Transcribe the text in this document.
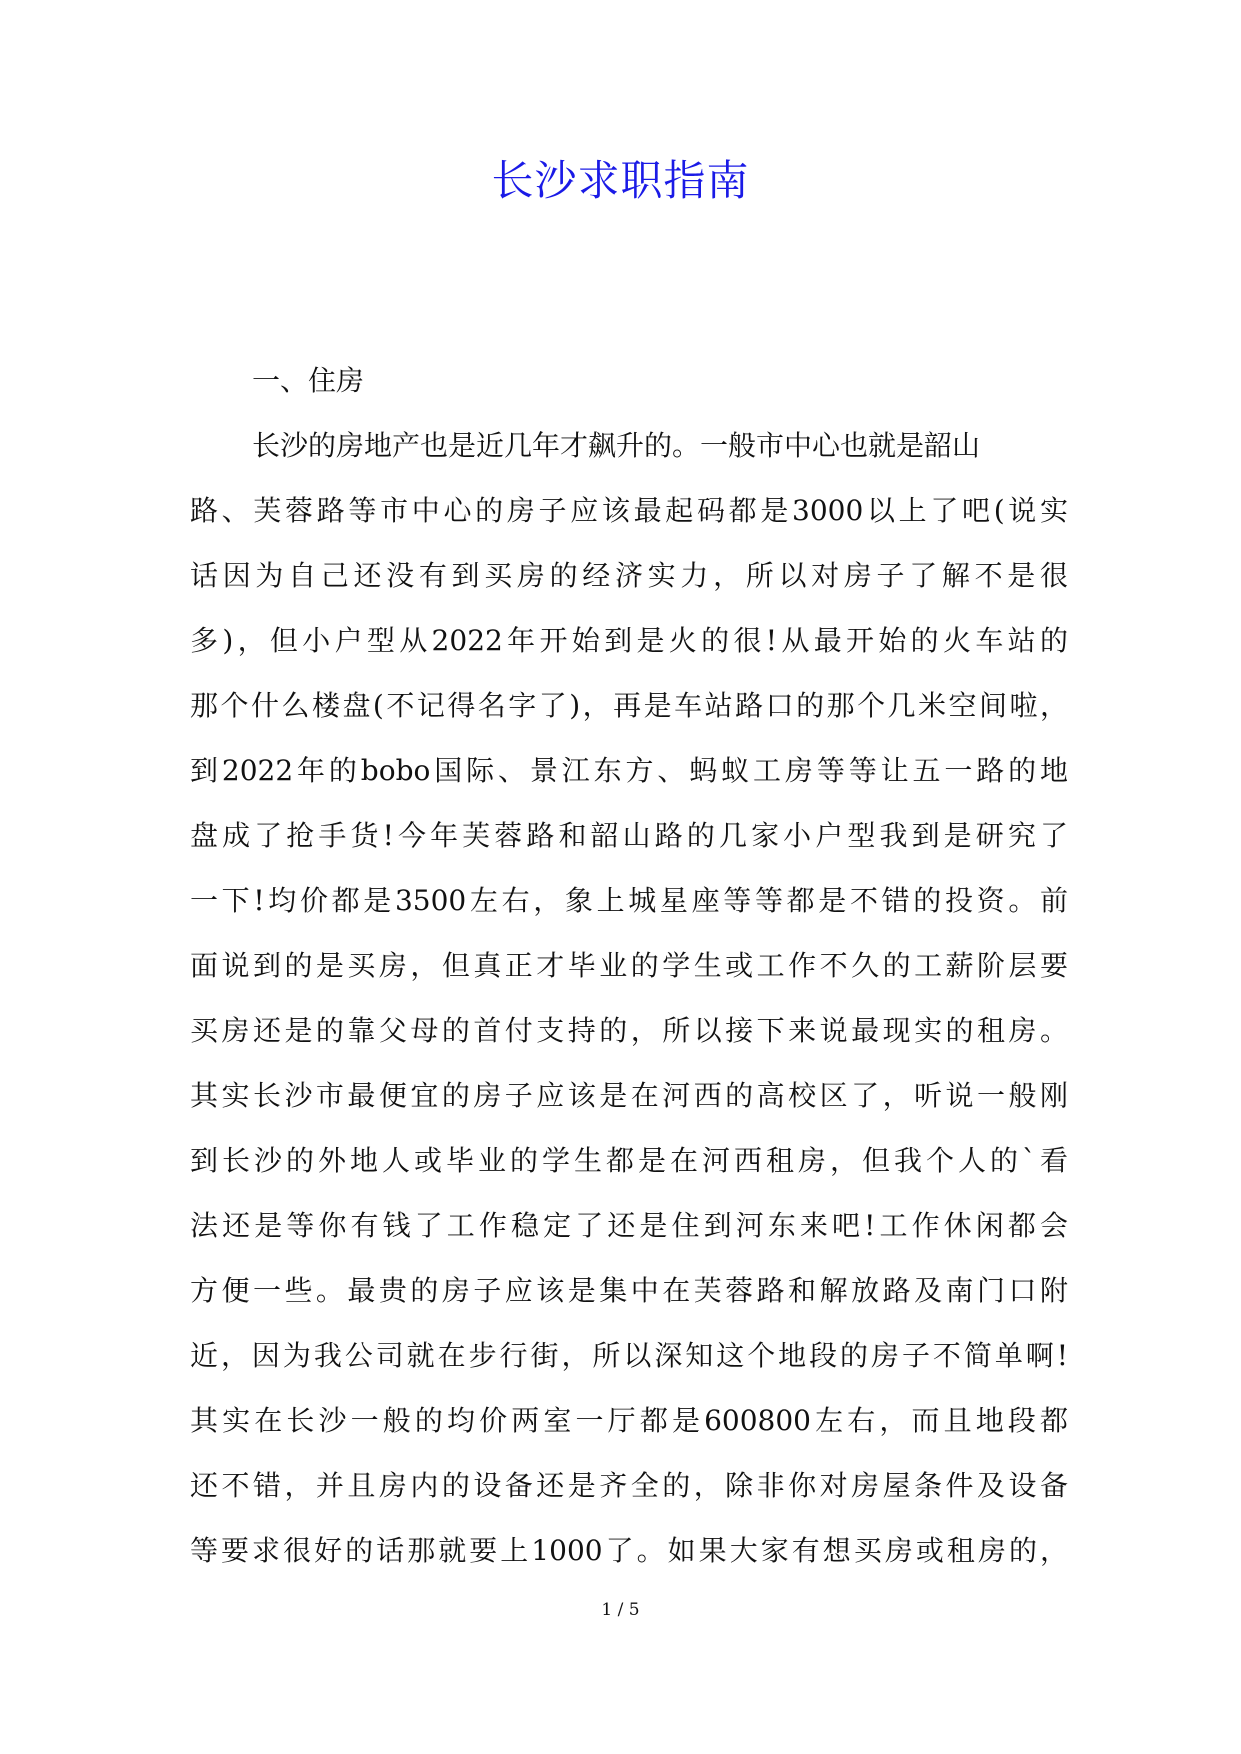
长沙求职指南
一、住房
长沙的房地产也是近几年才飙升的。一般市中心也就是韶山
路、芙蓉路等市中心的房子应该最起码都是3000以上了吧(说实
话因为自己还没有到买房的经济实力，所以对房子了解不是很
多)，但小户型从2022年开始到是火的很!从最开始的火车站的
那个什么楼盘(不记得名字了)，再是车站路口的那个几米空间啦，
到2022年的bobo国际、景江东方、蚂蚁工房等等让五一路的地
盘成了抢手货!今年芙蓉路和韶山路的几家小户型我到是研究了
一下!均价都是3500左右，象上城星座等等都是不错的投资。前
面说到的是买房，但真正才毕业的学生或工作不久的工薪阶层要
买房还是的靠父母的首付支持的，所以接下来说最现实的租房。
其实长沙市最便宜的房子应该是在河西的高校区了，听说一般刚
到长沙的外地人或毕业的学生都是在河西租房，但我个人的`看
法还是等你有钱了工作稳定了还是住到河东来吧!工作休闲都会
方便一些。最贵的房子应该是集中在芙蓉路和解放路及南门口附
近，因为我公司就在步行街，所以深知这个地段的房子不简单啊!
其实在长沙一般的均价两室一厅都是600800左右，而且地段都
还不错，并且房内的设备还是齐全的，除非你对房屋条件及设备
等要求很好的话那就要上1000了。如果大家有想买房或租房的，
1 / 5
